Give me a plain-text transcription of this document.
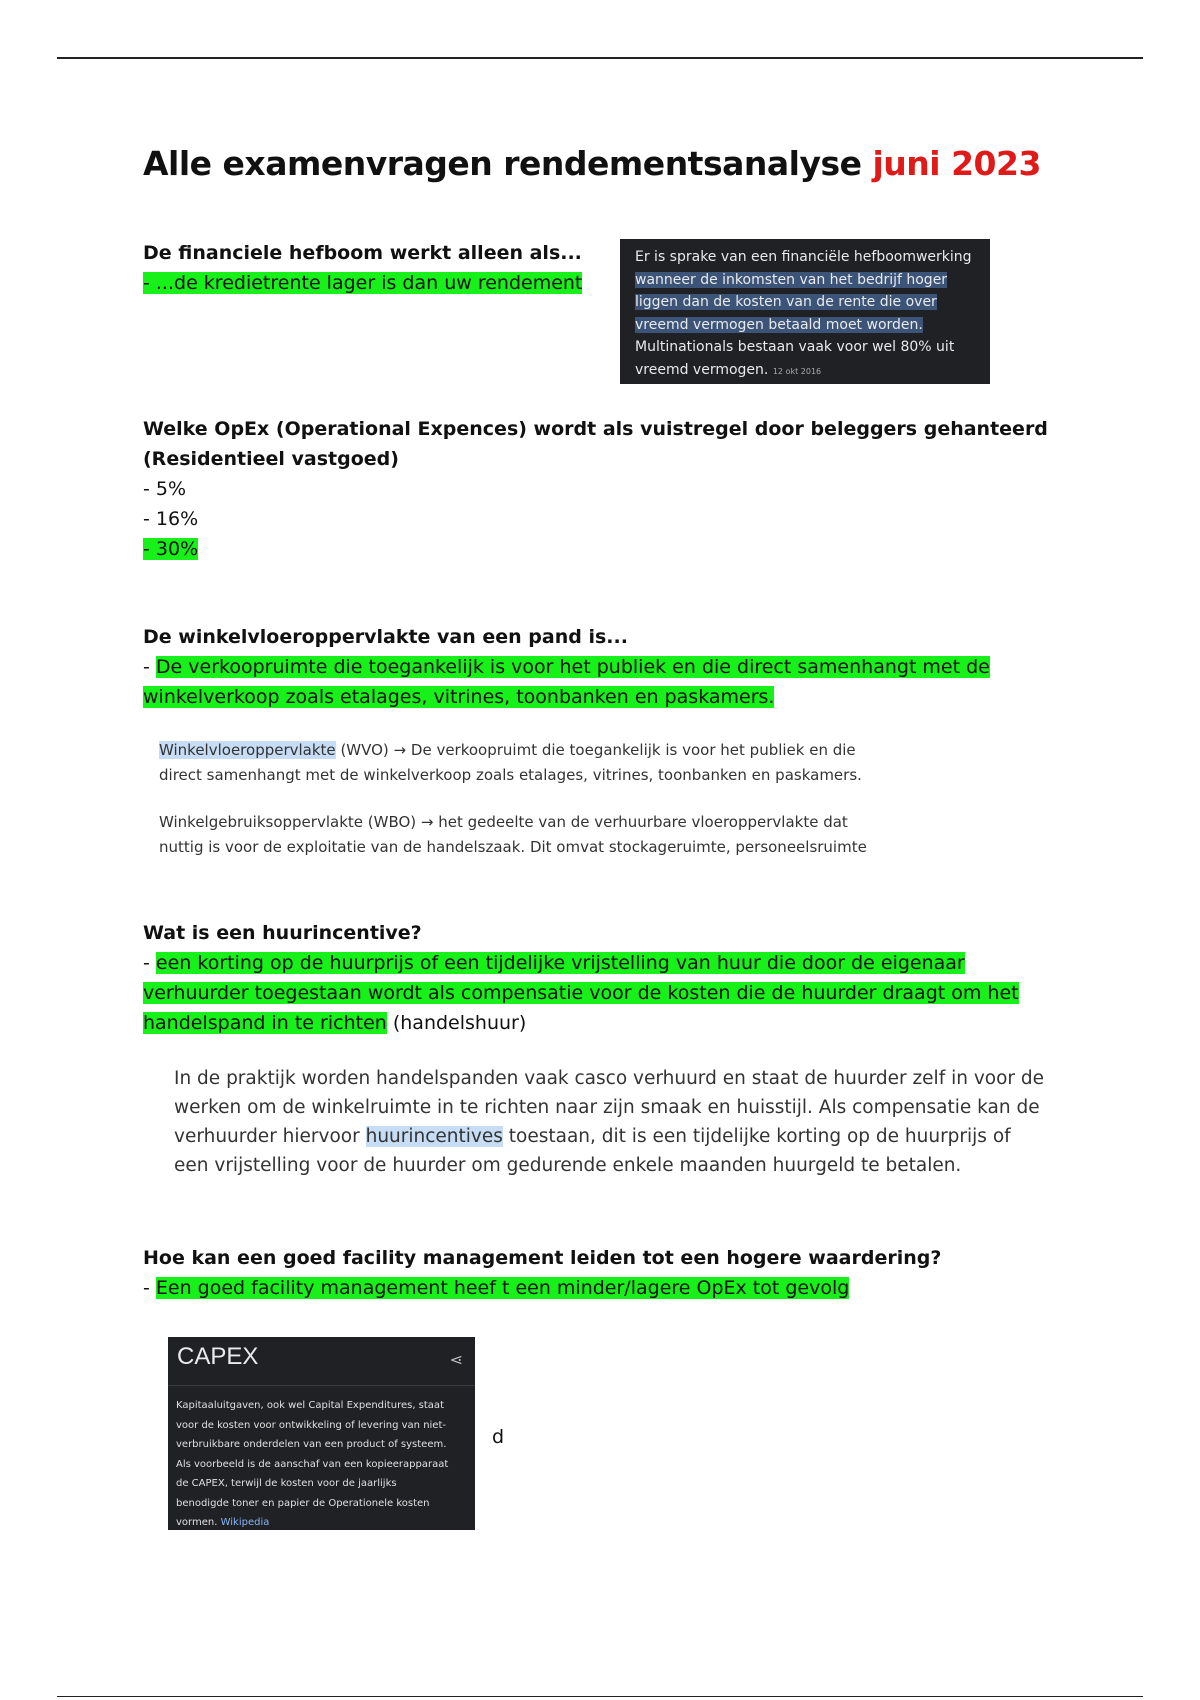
Alle examenvragen rendementsanalyse juni 2023
De financiele hefboom werkt alleen als...
- ...de kredietrente lager is dan uw rendement
Er is sprake van een financiële hefboomwerking
wanneer de inkomsten van het bedrijf hoger
liggen dan de kosten van de rente die over
vreemd vermogen betaald moet worden.
Multinationals bestaan vaak voor wel 80% uit
vreemd vermogen. 12 okt 2016
Welke OpEx (Operational Expences) wordt als vuistregel door beleggers gehanteerd
(Residentieel vastgoed)
- 5%
- 16%
- 30%
De winkelvloeroppervlakte van een pand is...
- De verkoopruimte die toegankelijk is voor het publiek en die direct samenhangt met de
winkelverkoop zoals etalages, vitrines, toonbanken en paskamers.
Winkelvloeroppervlakte (WVO) → De verkoopruimt die toegankelijk is voor het publiek en die
direct samenhangt met de winkelverkoop zoals etalages, vitrines, toonbanken en paskamers.
Winkelgebruiksoppervlakte (WBO) → het gedeelte van de verhuurbare vloeroppervlakte dat
nuttig is voor de exploitatie van de handelszaak. Dit omvat stockageruimte, personeelsruimte
Wat is een huurincentive?
- een korting op de huurprijs of een tijdelijke vrijstelling van huur die door de eigenaar
verhuurder toegestaan wordt als compensatie voor de kosten die de huurder draagt om het
handelspand in te richten (handelshuur)
In de praktijk worden handelspanden vaak casco verhuurd en staat de huurder zelf in voor de
werken om de winkelruimte in te richten naar zijn smaak en huisstijl. Als compensatie kan de
verhuurder hiervoor huurincentives toestaan, dit is een tijdelijke korting op de huurprijs of
een vrijstelling voor de huurder om gedurende enkele maanden huurgeld te betalen.
Hoe kan een goed facility management leiden tot een hogere waardering?
- Een goed facility management heef t een minder/lagere OpEx tot gevolg
CAPEX	⋖
Kapitaaluitgaven, ook wel Capital Expenditures, staat
voor de kosten voor ontwikkeling of levering van niet-
verbruikbare onderdelen van een product of systeem.
Als voorbeeld is de aanschaf van een kopieerapparaat
de CAPEX, terwijl de kosten voor de jaarlijks
benodigde toner en papier de Operationele kosten
vormen. Wikipedia
d
